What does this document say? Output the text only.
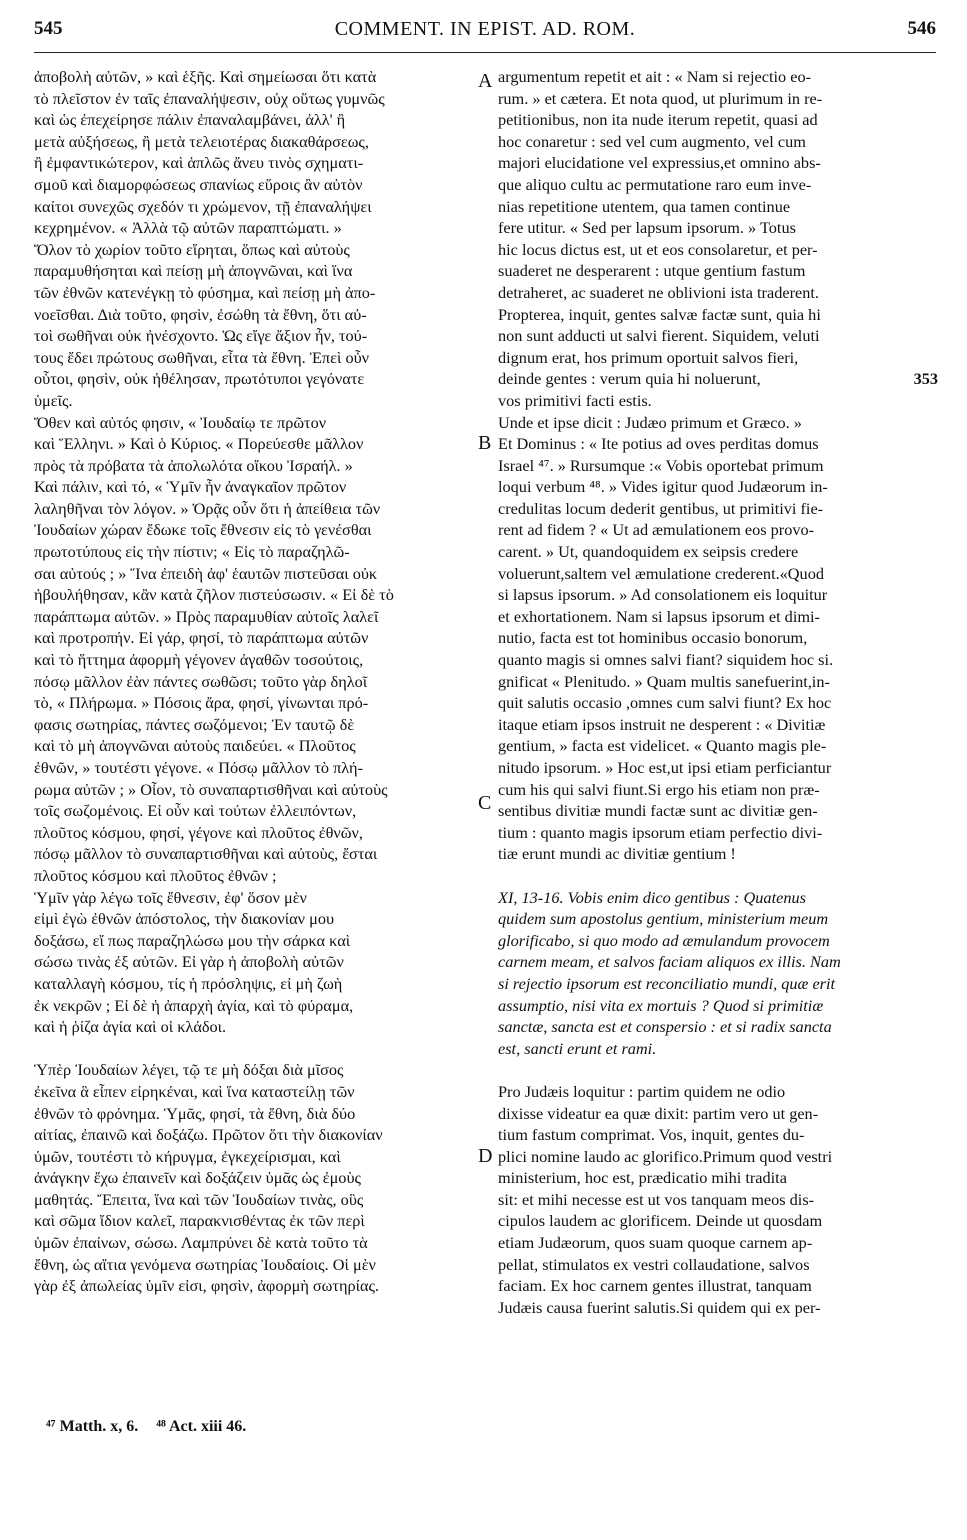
545	COMMENT. IN EPIST. AD. ROM.	546
A
B
C
D
ἀποβολὴ αὐτῶν, » καὶ ἑξῆς. Καὶ σημείωσαι ὅτι κατὰ
τὸ πλεῖστον ἐν ταῖς ἐπαναλήψεσιν, οὐχ οὕτως γυμνῶς
καὶ ὡς ἐπεχείρησε πάλιν ἐπαναλαμβάνει, ἀλλ' ἢ
μετὰ αὐξήσεως, ἢ μετὰ τελειοτέρας διακαθάρσεως,
ἢ ἐμφαντικώτερον, καὶ ἁπλῶς ἄνευ τινὸς σχηματι-
σμοῦ καὶ διαμορφώσεως σπανίως εὕροις ἂν αὐτὸν
καίτοι συνεχῶς σχεδόν τι χρώμενον, τῇ ἐπαναλήψει
κεχρημένον. « Ἀλλὰ τῷ αὐτῶν παραπτώματι. »
Ὅλον τὸ χωρίον τοῦτο εἴρηται, ὅπως καὶ αὐτοὺς
παραμυθήσηται καὶ πείσῃ μὴ ἀπογνῶναι, καὶ ἵνα
τῶν ἐθνῶν κατενέγκῃ τὸ φύσημα, καὶ πείσῃ μὴ ἀπο-
νοεῖσθαι. Διὰ τοῦτο, φησὶν, ἐσώθη τὰ ἔθνη, ὅτι αὐ-
τοὶ σωθῆναι οὐκ ἠνέσχοντο. Ὡς εἴγε ἄξιον ἦν, τού-
τους ἔδει πρώτους σωθῆναι, εἶτα τὰ ἔθνη. Ἐπεὶ οὖν
οὗτοι, φησὶν, οὐκ ἠθέλησαν, πρωτότυποι γεγόνατε
ὑμεῖς.
Ὅθεν καὶ αὐτός φησιν, « Ἰουδαίῳ τε πρῶτον
καὶ Ἕλληνι. » Καὶ ὁ Κύριος. « Πορεύεσθε μᾶλλον
πρὸς τὰ πρόβατα τὰ ἀπολωλότα οἴκου Ἰσραήλ. »
Καὶ πάλιν, καὶ τό, « Ὑμῖν ἦν ἀναγκαῖον πρῶτον
λαληθῆναι τὸν λόγον. » Ὁρᾷς οὖν ὅτι ἡ ἀπείθεια τῶν
Ἰουδαίων χώραν ἔδωκε τοῖς ἔθνεσιν εἰς τὸ γενέσθαι
πρωτοτύπους εἰς τὴν πίστιν; « Εἰς τὸ παραζηλῶ-
σαι αὐτούς ; » Ἵνα ἐπειδὴ ἀφ' ἑαυτῶν πιστεῦσαι οὐκ
ἠβουλήθησαν, κἂν κατὰ ζῆλον πιστεύσωσιν. « Εἰ δὲ τὸ
παράπτωμα αὐτῶν. » Πρὸς παραμυθίαν αὐτοῖς λαλεῖ
καὶ προτροπήν. Εἰ γάρ, φησί, τὸ παράπτωμα αὐτῶν
καὶ τὸ ἥττημα ἀφορμὴ γέγονεν ἀγαθῶν τοσούτοις,
πόσῳ μᾶλλον ἐὰν πάντες σωθῶσι; τοῦτο γὰρ δηλοῖ
τὸ, « Πλήρωμα. » Πόσοις ἄρα, φησί, γίνωνται πρό-
φασις σωτηρίας, πάντες σωζόμενοι; Ἐν ταυτῷ δὲ
καὶ τὸ μὴ ἀπογνῶναι αὐτοὺς παιδεύει. « Πλοῦτος
ἐθνῶν, » τουτέστι γέγονε. « Πόσῳ μᾶλλον τὸ πλή-
ρωμα αὐτῶν ; » Οἷον, τὸ συναπαρτισθῆναι καὶ αὐτοὺς
τοῖς σωζομένοις. Εἰ οὖν καὶ τούτων ἐλλειπόντων,
πλοῦτος κόσμου, φησί, γέγονε καὶ πλοῦτος ἐθνῶν,
πόσῳ μᾶλλον τὸ συναπαρτισθῆναι καὶ αὐτοὺς, ἔσται
πλοῦτος κόσμου καὶ πλοῦτος ἐθνῶν ;
Ὑμῖν γὰρ λέγω τοῖς ἔθνεσιν, ἐφ' ὅσον μὲν
εἰμὶ ἐγὼ ἐθνῶν ἀπόστολος, τὴν διακονίαν μου
δοξάσω, εἴ πως παραζηλώσω μου τὴν σάρκα καὶ
σώσω τινὰς ἐξ αὐτῶν. Εἰ γὰρ ἡ ἀποβολὴ αὐτῶν
καταλλαγὴ κόσμου, τίς ἡ πρόσληψις, εἰ μὴ ζωὴ
ἐκ νεκρῶν ; Εἰ δὲ ἡ ἀπαρχὴ ἁγία, καὶ τὸ φύραμα,
καὶ ἡ ῥίζα ἁγία καὶ οἱ κλάδοι.
Ὑπὲρ Ἰουδαίων λέγει, τῷ τε μὴ δόξαι διὰ μῖσος
ἐκεῖνα ἃ εἶπεν εἰρηκέναι, καὶ ἵνα καταστείλῃ τῶν
ἐθνῶν τὸ φρόνημα. Ὑμᾶς, φησί, τὰ ἔθνη, διὰ δύο
αἰτίας, ἐπαινῶ καὶ δοξάζω. Πρῶτον ὅτι τὴν διακονίαν
ὑμῶν, τουτέστι τὸ κήρυγμα, ἐγκεχείρισμαι, καὶ
ἀνάγκην ἔχω ἐπαινεῖν καὶ δοξάζειν ὑμᾶς ὡς ἐμοὺς
μαθητάς. Ἔπειτα, ἵνα καὶ τῶν Ἰουδαίων τινὰς, οὓς
καὶ σῶμα ἴδιον καλεῖ, παρακνισθέντας ἐκ τῶν περὶ
ὑμῶν ἐπαίνων, σώσω. Λαμπρύνει δὲ κατὰ τοῦτο τὰ
ἔθνη, ὡς αἴτια γενόμενα σωτηρίας Ἰουδαίοις. Οἱ μὲν
γὰρ ἐξ ἀπωλείας ὑμῖν εἰσι, φησὶν, ἀφορμὴ σωτηρίας.
argumentum repetit et ait : « Nam si rejectio eo-
rum. » et cætera. Et nota quod, ut plurimum in re-
petitionibus, non ita nude iterum repetit, quasi ad
hoc conaretur : sed vel cum augmento, vel cum
majori elucidatione vel expressius,et omnino abs-
que aliquo cultu ac permutatione raro eum inve-
nias repetitione utentem, qua tamen continue
fere utitur. « Sed per lapsum ipsorum. » Totus
hic locus dictus est, ut et eos consolaretur, et per-
suaderet ne desperarent : utque gentium fastum
detraheret, ac suaderet ne oblivioni ista traderent.
Propterea, inquit, gentes salvæ factæ sunt, quia hi
non sunt adducti ut salvi fierent. Siquidem, veluti
dignum erat, hos primum oportuit salvos fieri,
353
deinde gentes : verum quia hi noluerunt,
vos primitivi facti estis.
Unde et ipse dicit : Judæo primum et Græco. »
Et Dominus : « Ite potius ad oves perditas domus
Israel ⁴⁷. » Rursumque :« Vobis oportebat primum
loqui verbum ⁴⁸. » Vides igitur quod Judæorum in-
credulitas locum dederit gentibus, ut primitivi fie-
rent ad fidem ? « Ut ad æmulationem eos provo-
carent. » Ut, quandoquidem ex seipsis credere
voluerunt,saltem vel æmulatione crederent.«Quod
si lapsus ipsorum. » Ad consolationem eis loquitur
et exhortationem. Nam si lapsus ipsorum et dimi-
nutio, facta est tot hominibus occasio bonorum,
quanto magis si omnes salvi fiant? siquidem hoc si.
gnificat « Plenitudo. » Quam multis sanefuerint,in-
quit salutis occasio ,omnes cum salvi fiunt? Ex hoc
itaque etiam ipsos instruit ne desperent : « Divitiæ
gentium, » facta est videlicet. « Quanto magis ple-
nitudo ipsorum. » Hoc est,ut ipsi etiam perficiantur
cum his qui salvi fiunt.Si ergo his etiam non præ-
sentibus divitiæ mundi factæ sunt ac divitiæ gen-
tium : quanto magis ipsorum etiam perfectio divi-
tiæ erunt mundi ac divitiæ gentium !
XI, 13-16. Vobis enim dico gentibus : Quatenus
quidem sum apostolus gentium, ministerium meum
glorificabo, si quo modo ad æmulandum provocem
carnem meam, et salvos faciam aliquos ex illis. Nam
si rejectio ipsorum est reconciliatio mundi, quæ erit
assumptio, nisi vita ex mortuis ? Quod si primitiæ
sanctæ, sancta est et conspersio : et si radix sancta
est, sancti erunt et rami.
Pro Judæis loquitur : partim quidem ne odio
dixisse videatur ea quæ dixit: partim vero ut gen-
tium fastum comprimat. Vos, inquit, gentes du-
plici nomine laudo ac glorifico.Primum quod vestri
ministerium, hoc est, prædicatio mihi tradita
sit: et mihi necesse est ut vos tanquam meos dis-
cipulos laudem ac glorificem. Deinde ut quosdam
etiam Judæorum, quos suam quoque carnem ap-
pellat, stimulatos ex vestri collaudatione, salvos
faciam. Ex hoc carnem gentes illustrat, tanquam
Judæis causa fuerint salutis.Si quidem qui ex per-
⁴⁷ Matth. x, 6. ⁴⁸ Act. xiii 46.
